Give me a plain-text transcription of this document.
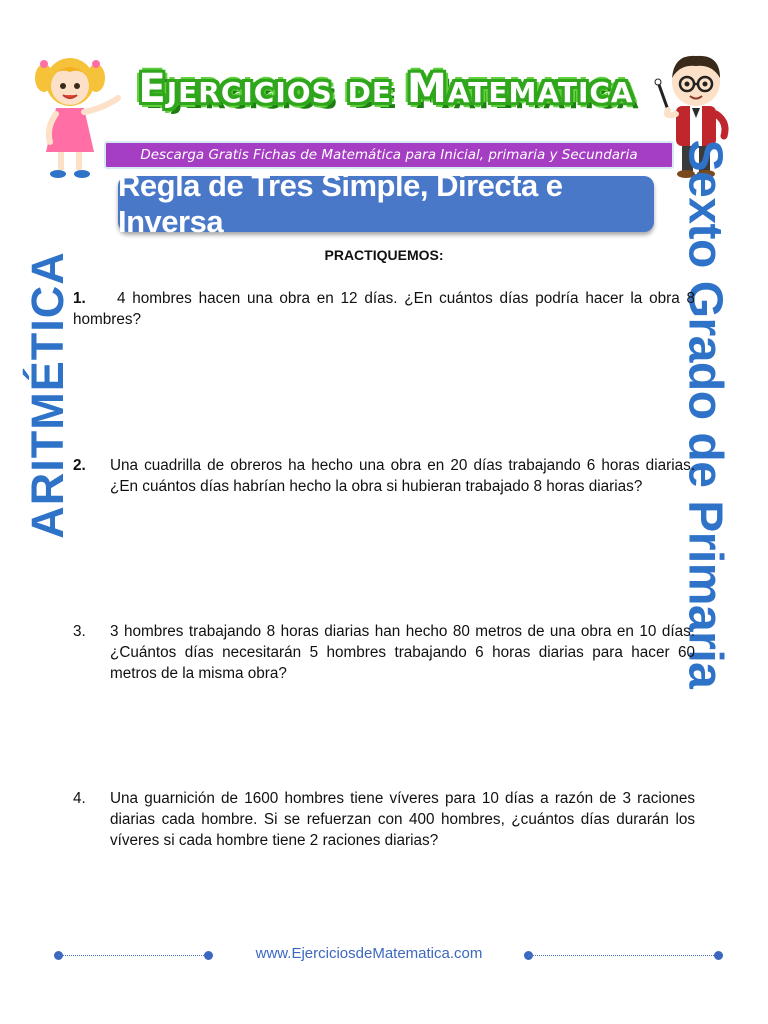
Ejercicios de Matematica
Descarga Gratis Fichas de Matemática para Inicial, primaria y Secundaria
Regla de Tres Simple, Directa e Inversa
ARITMÉTICA	Sexto Grado de Primaria
PRACTIQUEMOS:
1.	4 hombres hacen una obra en 12 días. ¿En cuántos días podría hacer la obra 8 hombres?
2. Una cuadrilla de obreros ha hecho una obra en 20 días trabajando 6 horas diarias. ¿En cuántos días habrían hecho la obra si hubieran trabajado 8 horas diarias?
3. 3 hombres trabajando 8 horas diarias han hecho 80 metros de una obra en 10 días. ¿Cuántos días necesitarán 5 hombres trabajando 6 horas diarias para hacer 60 metros de la misma obra?
4. Una guarnición de 1600 hombres tiene víveres para 10 días a razón de 3 raciones diarias cada hombre. Si se refuerzan con 400 hombres, ¿cuántos días durarán los víveres si cada hombre tiene 2 raciones diarias?
www.EjerciciosdeMatematica.com
